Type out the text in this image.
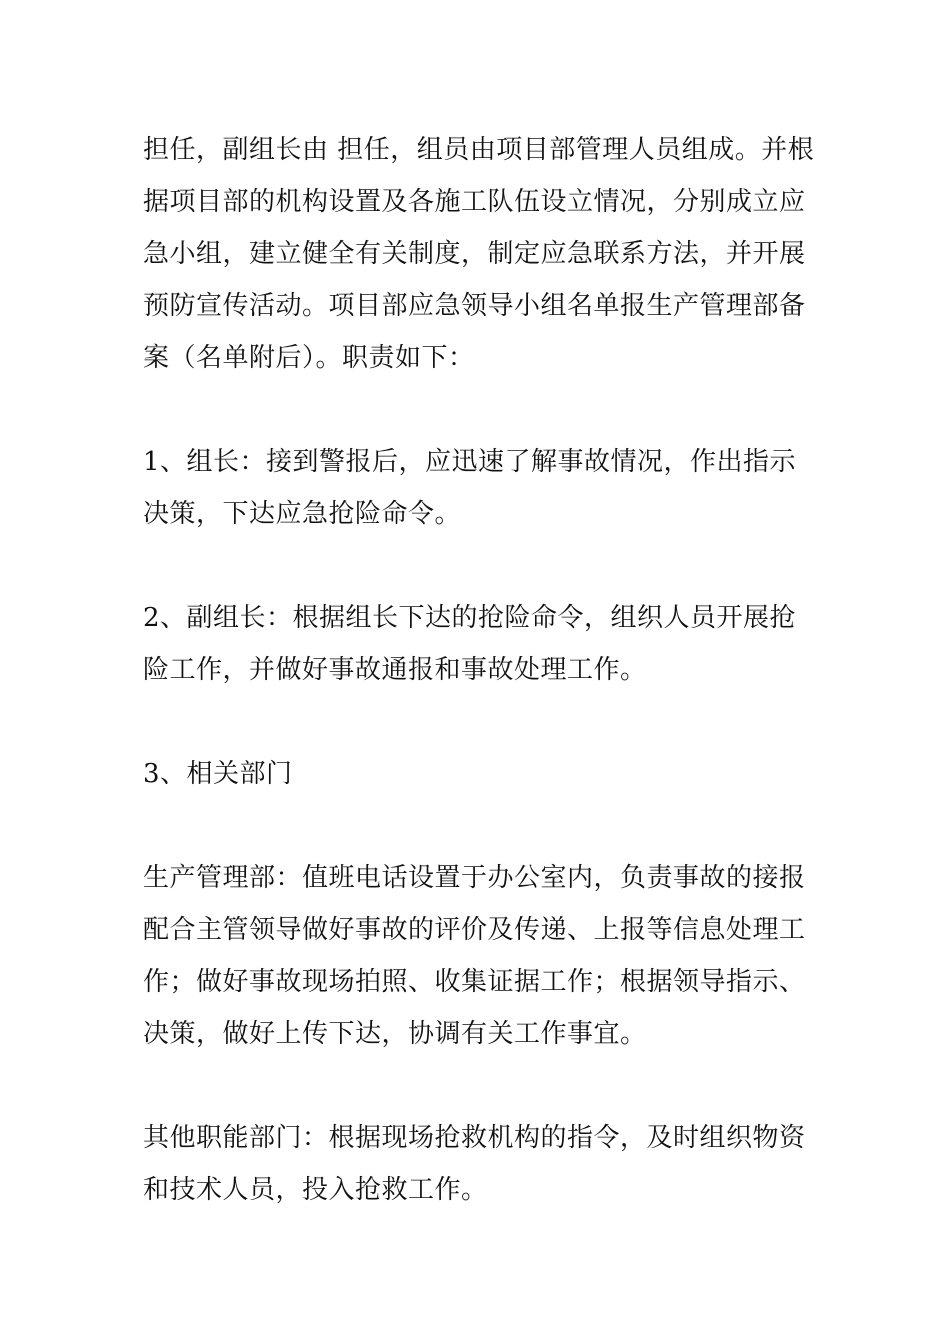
担任，副组长由 担任，组员由项目部管理人员组成。并根据项目部的机构设置及各施工队伍设立情况，分别成立应急小组，建立健全有关制度，制定应急联系方法，并开展预防宣传活动。项目部应急领导小组名单报生产管理部备案（名单附后）。职责如下：

1、组长：接到警报后，应迅速了解事故情况，作出指示决策，下达应急抢险命令。

2、副组长：根据组长下达的抢险命令，组织人员开展抢险工作，并做好事故通报和事故处理工作。

3、相关部门

生产管理部：值班电话设置于办公室内，负责事故的接报配合主管领导做好事故的评价及传递、上报等信息处理工作；做好事故现场拍照、收集证据工作；根据领导指示、决策，做好上传下达，协调有关工作事宜。

其他职能部门：根据现场抢救机构的指令，及时组织物资和技术人员，投入抢救工作。
